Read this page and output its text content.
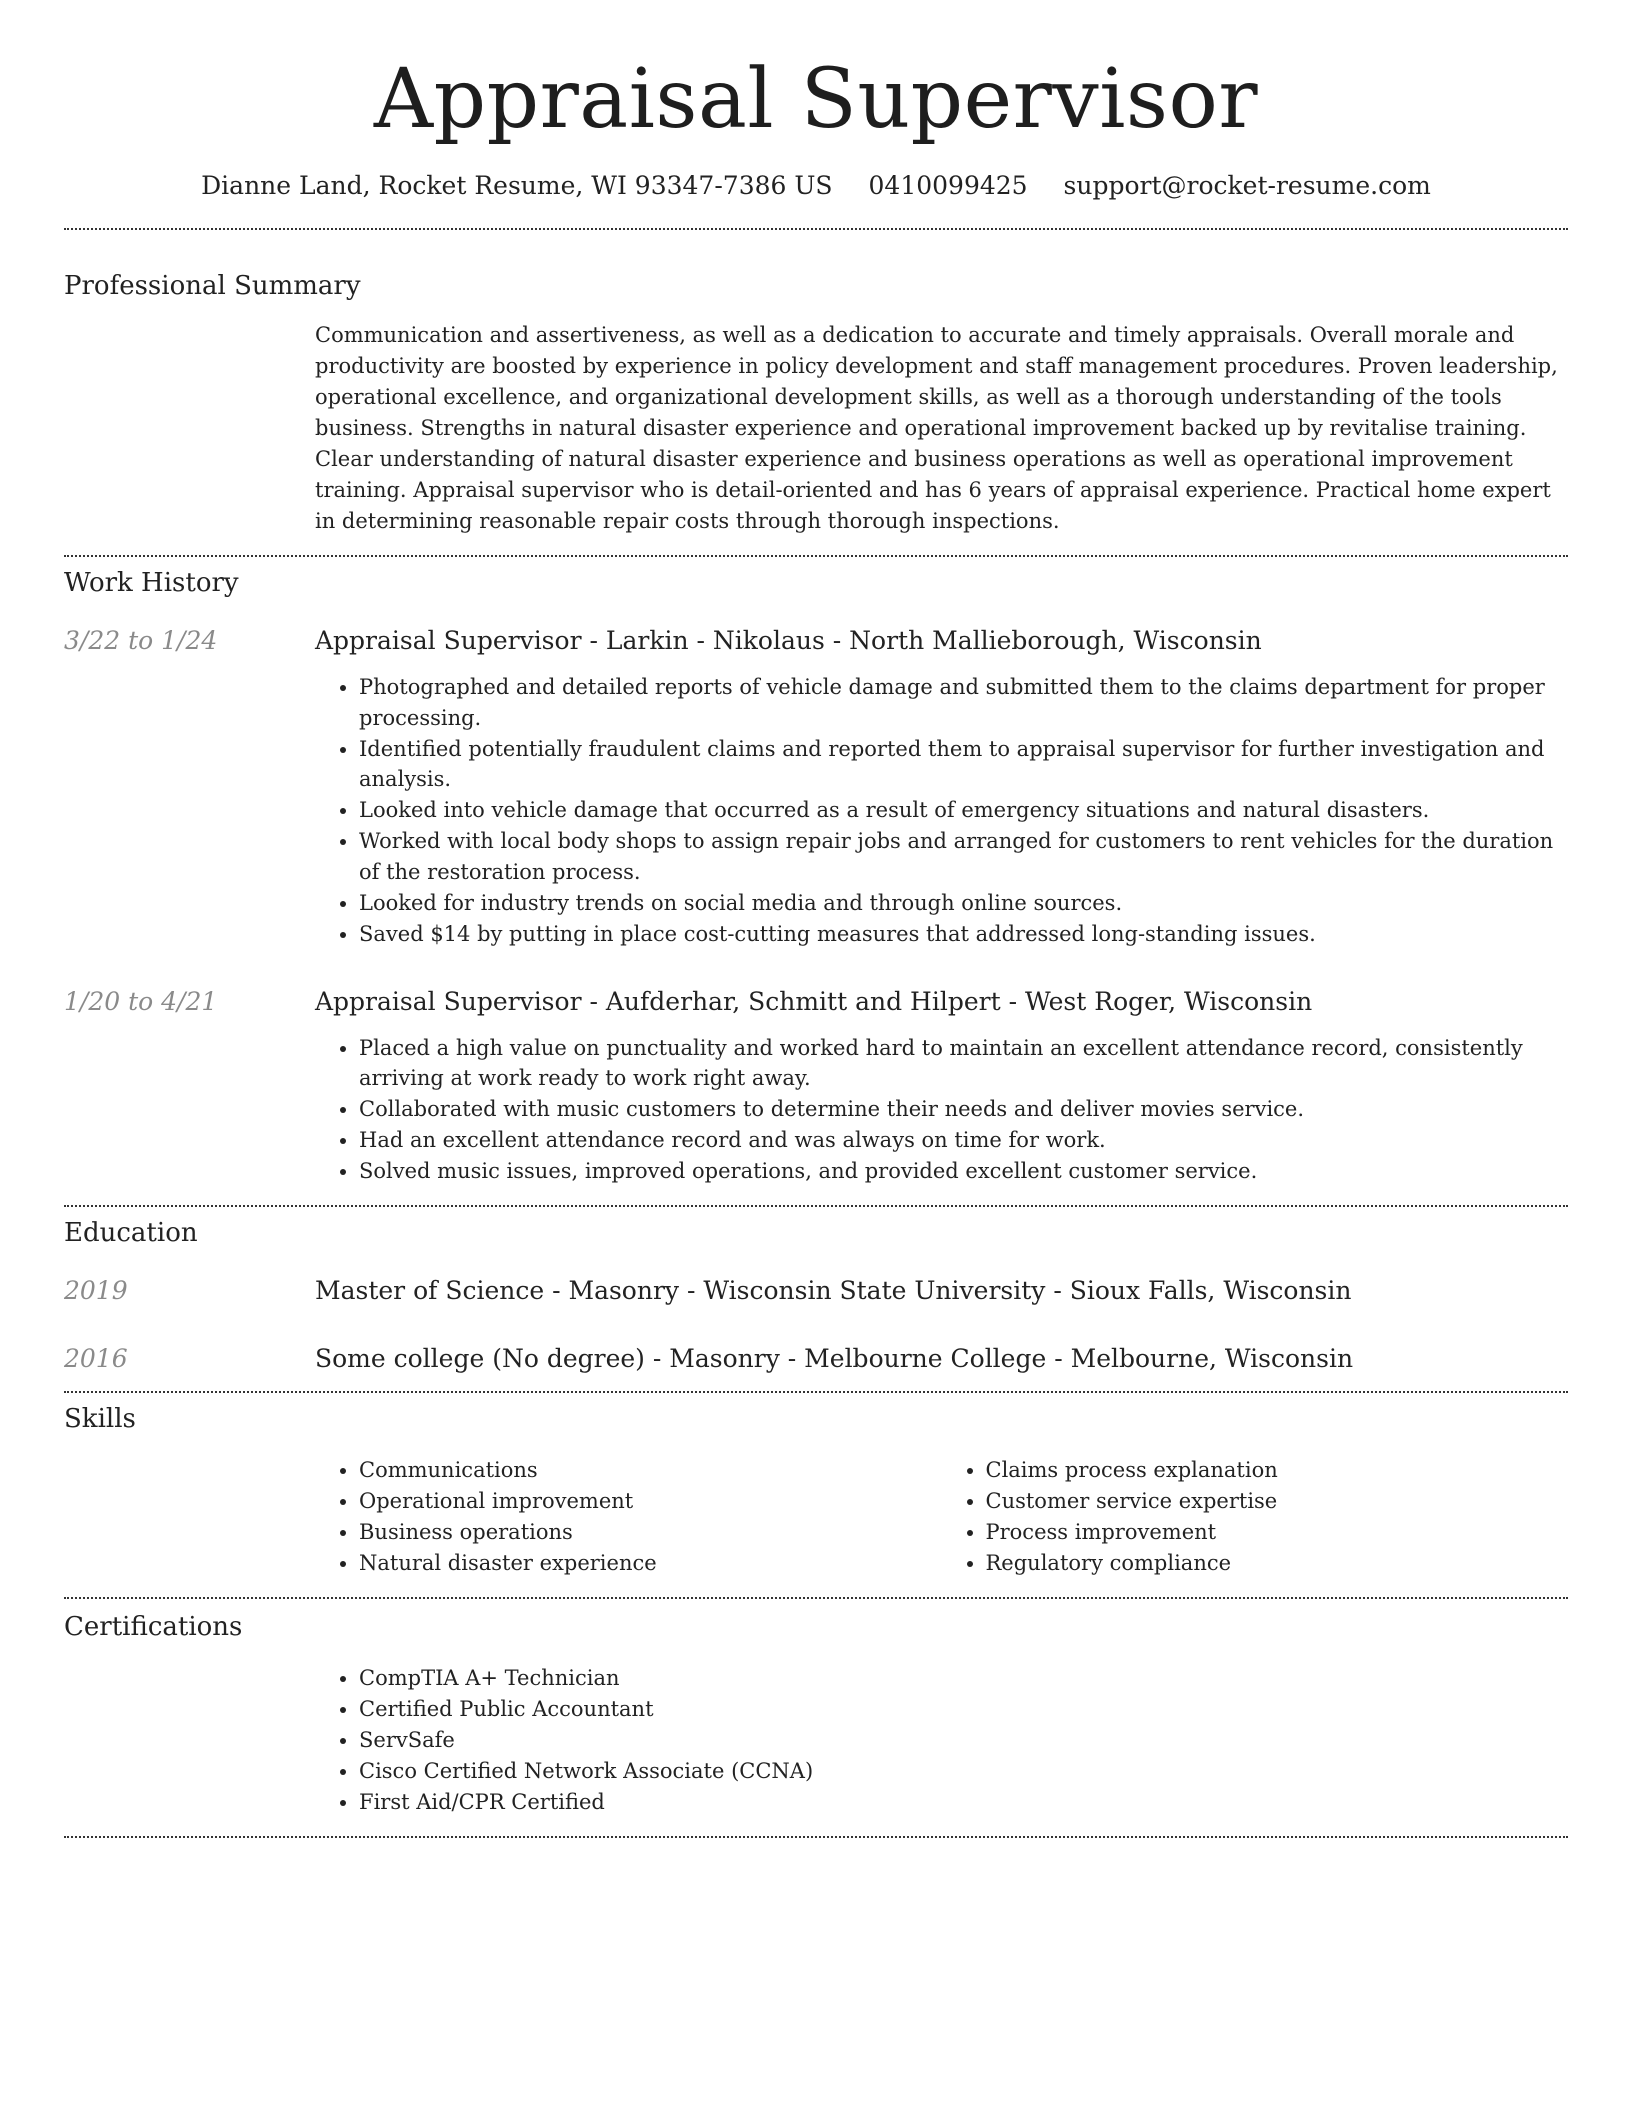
Appraisal Supervisor
Dianne Land, Rocket Resume, WI 93347-7386 US 0410099425 support@rocket-resume.com
Professional Summary

Communication and assertiveness, as well as a dedication to accurate and timely appraisals. Overall morale and productivity are boosted by experience in policy development and staff management procedures. Proven leadership, operational excellence, and organizational development skills, as well as a thorough understanding of the tools business. Strengths in natural disaster experience and operational improvement backed up by revitalise training. Clear understanding of natural disaster experience and business operations as well as operational improvement training. Appraisal supervisor who is detail-oriented and has 6 years of appraisal experience. Practical home expert in determining reasonable repair costs through thorough inspections.

Work History
3/22 to 1/24	Appraisal Supervisor - Larkin - Nikolaus - North Mallieborough, Wisconsin
• Photographed and detailed reports of vehicle damage and submitted them to the claims department for proper processing.
• Identified potentially fraudulent claims and reported them to appraisal supervisor for further investigation and analysis.
• Looked into vehicle damage that occurred as a result of emergency situations and natural disasters.
• Worked with local body shops to assign repair jobs and arranged for customers to rent vehicles for the duration of the restoration process.
• Looked for industry trends on social media and through online sources.
• Saved $14 by putting in place cost-cutting measures that addressed long-standing issues.
1/20 to 4/21	Appraisal Supervisor - Aufderhar, Schmitt and Hilpert - West Roger, Wisconsin
• Placed a high value on punctuality and worked hard to maintain an excellent attendance record, consistently arriving at work ready to work right away.
• Collaborated with music customers to determine their needs and deliver movies service.
• Had an excellent attendance record and was always on time for work.
• Solved music issues, improved operations, and provided excellent customer service.
Education
2019	Master of Science - Masonry - Wisconsin State University - Sioux Falls, Wisconsin
2016	Some college (No degree) - Masonry - Melbourne College - Melbourne, Wisconsin
Skills
• Communications
• Operational improvement
• Business operations
• Natural disaster experience
• Claims process explanation
• Customer service expertise
• Process improvement
• Regulatory compliance
Certifications
• CompTIA A+ Technician
• Certified Public Accountant
• ServSafe
• Cisco Certified Network Associate (CCNA)
• First Aid/CPR Certified
